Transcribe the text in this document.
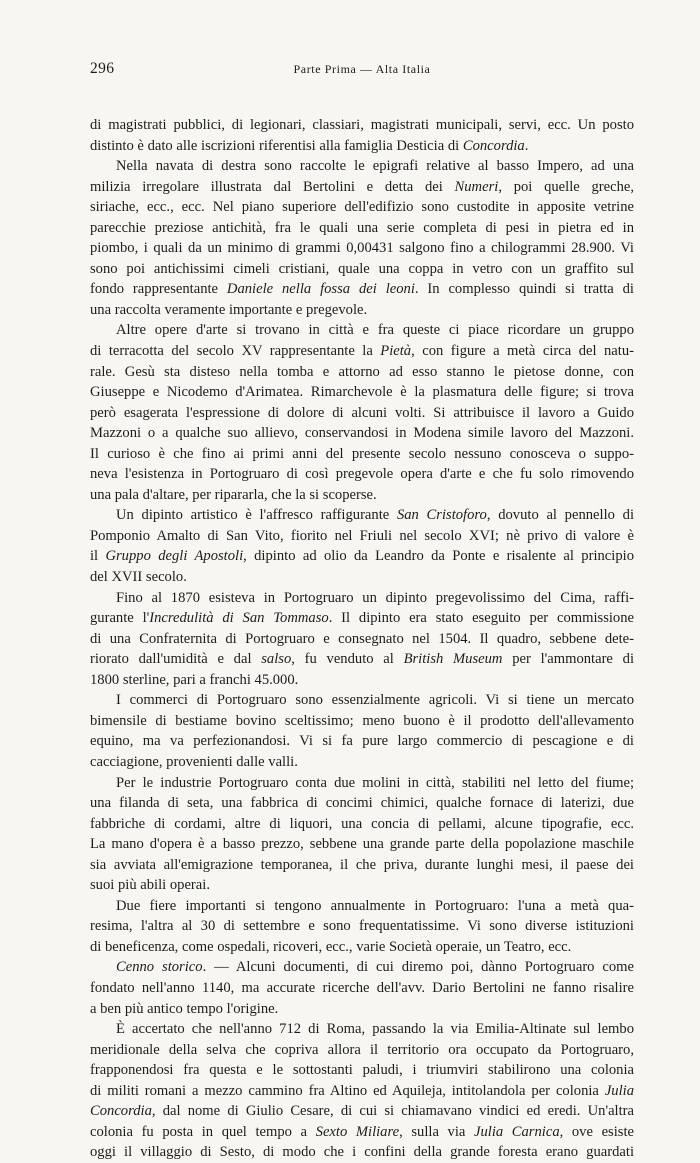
296	Parte Prima — Alta Italia
di magistrati pubblici, di legionari, classiari, magistrati municipali, servi, ecc. Un posto
distinto è dato alle iscrizioni riferentisi alla famiglia Desticia di Concordia.
Nella navata di destra sono raccolte le epigrafi relative al basso Impero, ad una
milizia irregolare illustrata dal Bertolini e detta dei Numeri, poi quelle greche,
siriache, ecc., ecc. Nel piano superiore dell'edifizio sono custodite in apposite vetrine
parecchie preziose antichità, fra le quali una serie completa di pesi in pietra ed in
piombo, i quali da un minimo di grammi 0,00431 salgono fino a chilogrammi 28.900. Vi
sono poi antichissimi cimeli cristiani, quale una coppa in vetro con un graffito sul
fondo rappresentante Daniele nella fossa dei leoni. In complesso quindi si tratta di
una raccolta veramente importante e pregevole.
Altre opere d'arte si trovano in città e fra queste ci piace ricordare un gruppo
di terracotta del secolo XV rappresentante la Pietà, con figure a metà circa del natu-
rale. Gesù sta disteso nella tomba e attorno ad esso stanno le pietose donne, con
Giuseppe e Nicodemo d'Arimatea. Rimarchevole è la plasmatura delle figure; si trova
però esagerata l'espressione di dolore di alcuni volti. Si attribuisce il lavoro a Guido
Mazzoni o a qualche suo allievo, conservandosi in Modena simile lavoro del Mazzoni.
Il curioso è che fino ai primi anni del presente secolo nessuno conosceva o suppo-
neva l'esistenza in Portogruaro di così pregevole opera d'arte e che fu solo rimovendo
una pala d'altare, per ripararla, che la si scoperse.
Un dipinto artistico è l'affresco raffigurante San Cristoforo, dovuto al pennello di
Pomponio Amalto di San Vito, fiorito nel Friuli nel secolo XVI; nè privo di valore è
il Gruppo degli Apostoli, dipinto ad olio da Leandro da Ponte e risalente al principio
del XVII secolo.
Fino al 1870 esisteva in Portogruaro un dipinto pregevolissimo del Cima, raffi-
gurante l'Incredulità di San Tommaso. Il dipinto era stato eseguito per commissione
di una Confraternita di Portogruaro e consegnato nel 1504. Il quadro, sebbene dete-
riorato dall'umidità e dal salso, fu venduto al British Museum per l'ammontare di
1800 sterline, pari a franchi 45.000.
I commerci di Portogruaro sono essenzialmente agricoli. Vi si tiene un mercato
bimensile di bestiame bovino sceltissimo; meno buono è il prodotto dell'allevamento
equino, ma va perfezionandosi. Vi si fa pure largo commercio di pescagione e di
cacciagione, provenienti dalle valli.
Per le industrie Portogruaro conta due molini in città, stabiliti nel letto del fiume;
una filanda di seta, una fabbrica di concimi chimici, qualche fornace di laterizi, due
fabbriche di cordami, altre di liquori, una concia di pellami, alcune tipografie, ecc.
La mano d'opera è a basso prezzo, sebbene una grande parte della popolazione maschile
sia avviata all'emigrazione temporanea, il che priva, durante lunghi mesi, il paese dei
suoi più abili operai.
Due fiere importanti si tengono annualmente in Portogruaro: l'una a metà qua-
resima, l'altra al 30 di settembre e sono frequentatissime. Vi sono diverse istituzioni
di beneficenza, come ospedali, ricoveri, ecc., varie Società operaie, un Teatro, ecc.
Cenno storico. — Alcuni documenti, di cui diremo poi, dànno Portogruaro come
fondato nell'anno 1140, ma accurate ricerche dell'avv. Dario Bertolini ne fanno risalire
a ben più antico tempo l'origine.
È accertato che nell'anno 712 di Roma, passando la via Emilia-Altinate sul lembo
meridionale della selva che copriva allora il territorio ora occupato da Portogruaro,
frapponendosi fra questa e le sottostanti paludi, i triumviri stabilirono una colonia
di militi romani a mezzo cammino fra Altino ed Aquileja, intitolandola per colonia Julia
Concordia, dal nome di Giulio Cesare, di cui si chiamavano vindici ed eredi. Un'altra
colonia fu posta in quel tempo a Sexto Miliare, sulla via Julia Carnica, ove esiste
oggi il villaggio di Sesto, di modo che i confini della grande foresta erano guardati
